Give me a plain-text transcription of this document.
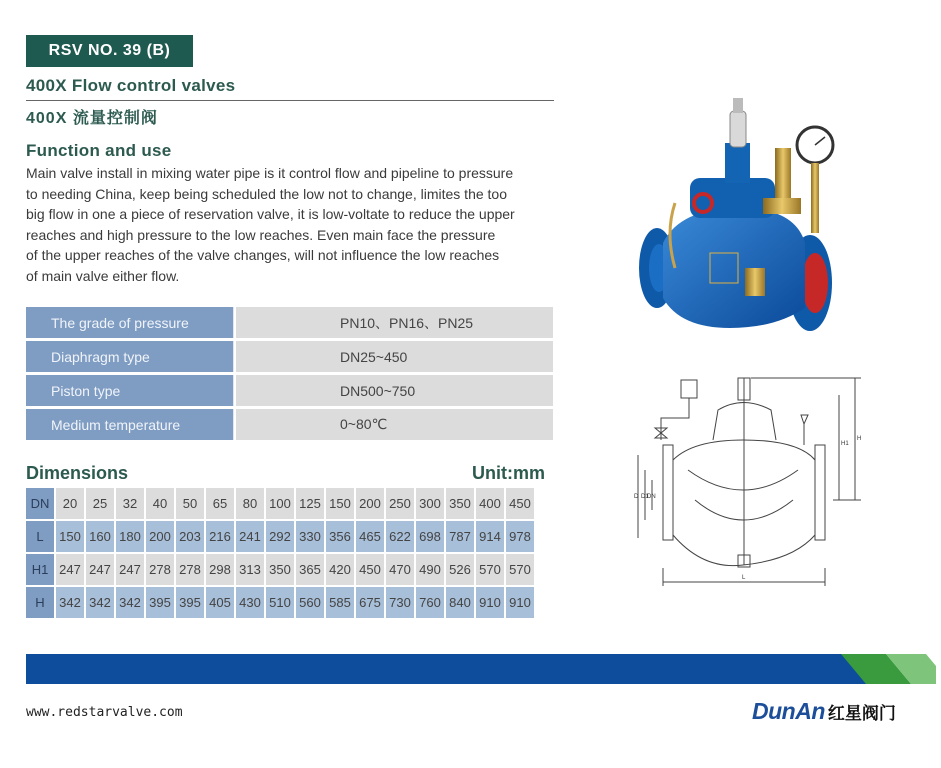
RSV NO. 39 (B)
400X Flow control valves
400X 流量控制阀
Function and use
Main valve install in mixing water pipe is it control flow and pipeline to pressure
to needing China, keep being scheduled the low not to change, limites the too
big flow in one a piece of reservation valve, it is low-voltate to reduce the upper
reaches and high pressure to the low reaches. Even main face the pressure
of the upper reaches of the valve changes, will not influence the low reaches
of main valve either flow.
The grade of pressure	PN10、PN16、PN25
Diaphragm type	DN25~450
Piston type	DN500~750
Medium temperature	0~80℃
Dimensions	Unit:mm
DN	20	25	32	40	50	65	80 100 125 150 200 250 300 350 400 450
L	150 160 180 200 203 216 241 292 330 356 465 622 698 787 914 978
H1 247 247 247 278 278 298 313 350 365 420 450 470 490 526 570 570
H	342 342 342 395 395 405 430 510 560 585 675 730 760 840 910 910
L
H
H1
D D1
DN
www.redstarvalve.com	DunAn 红星阀门
